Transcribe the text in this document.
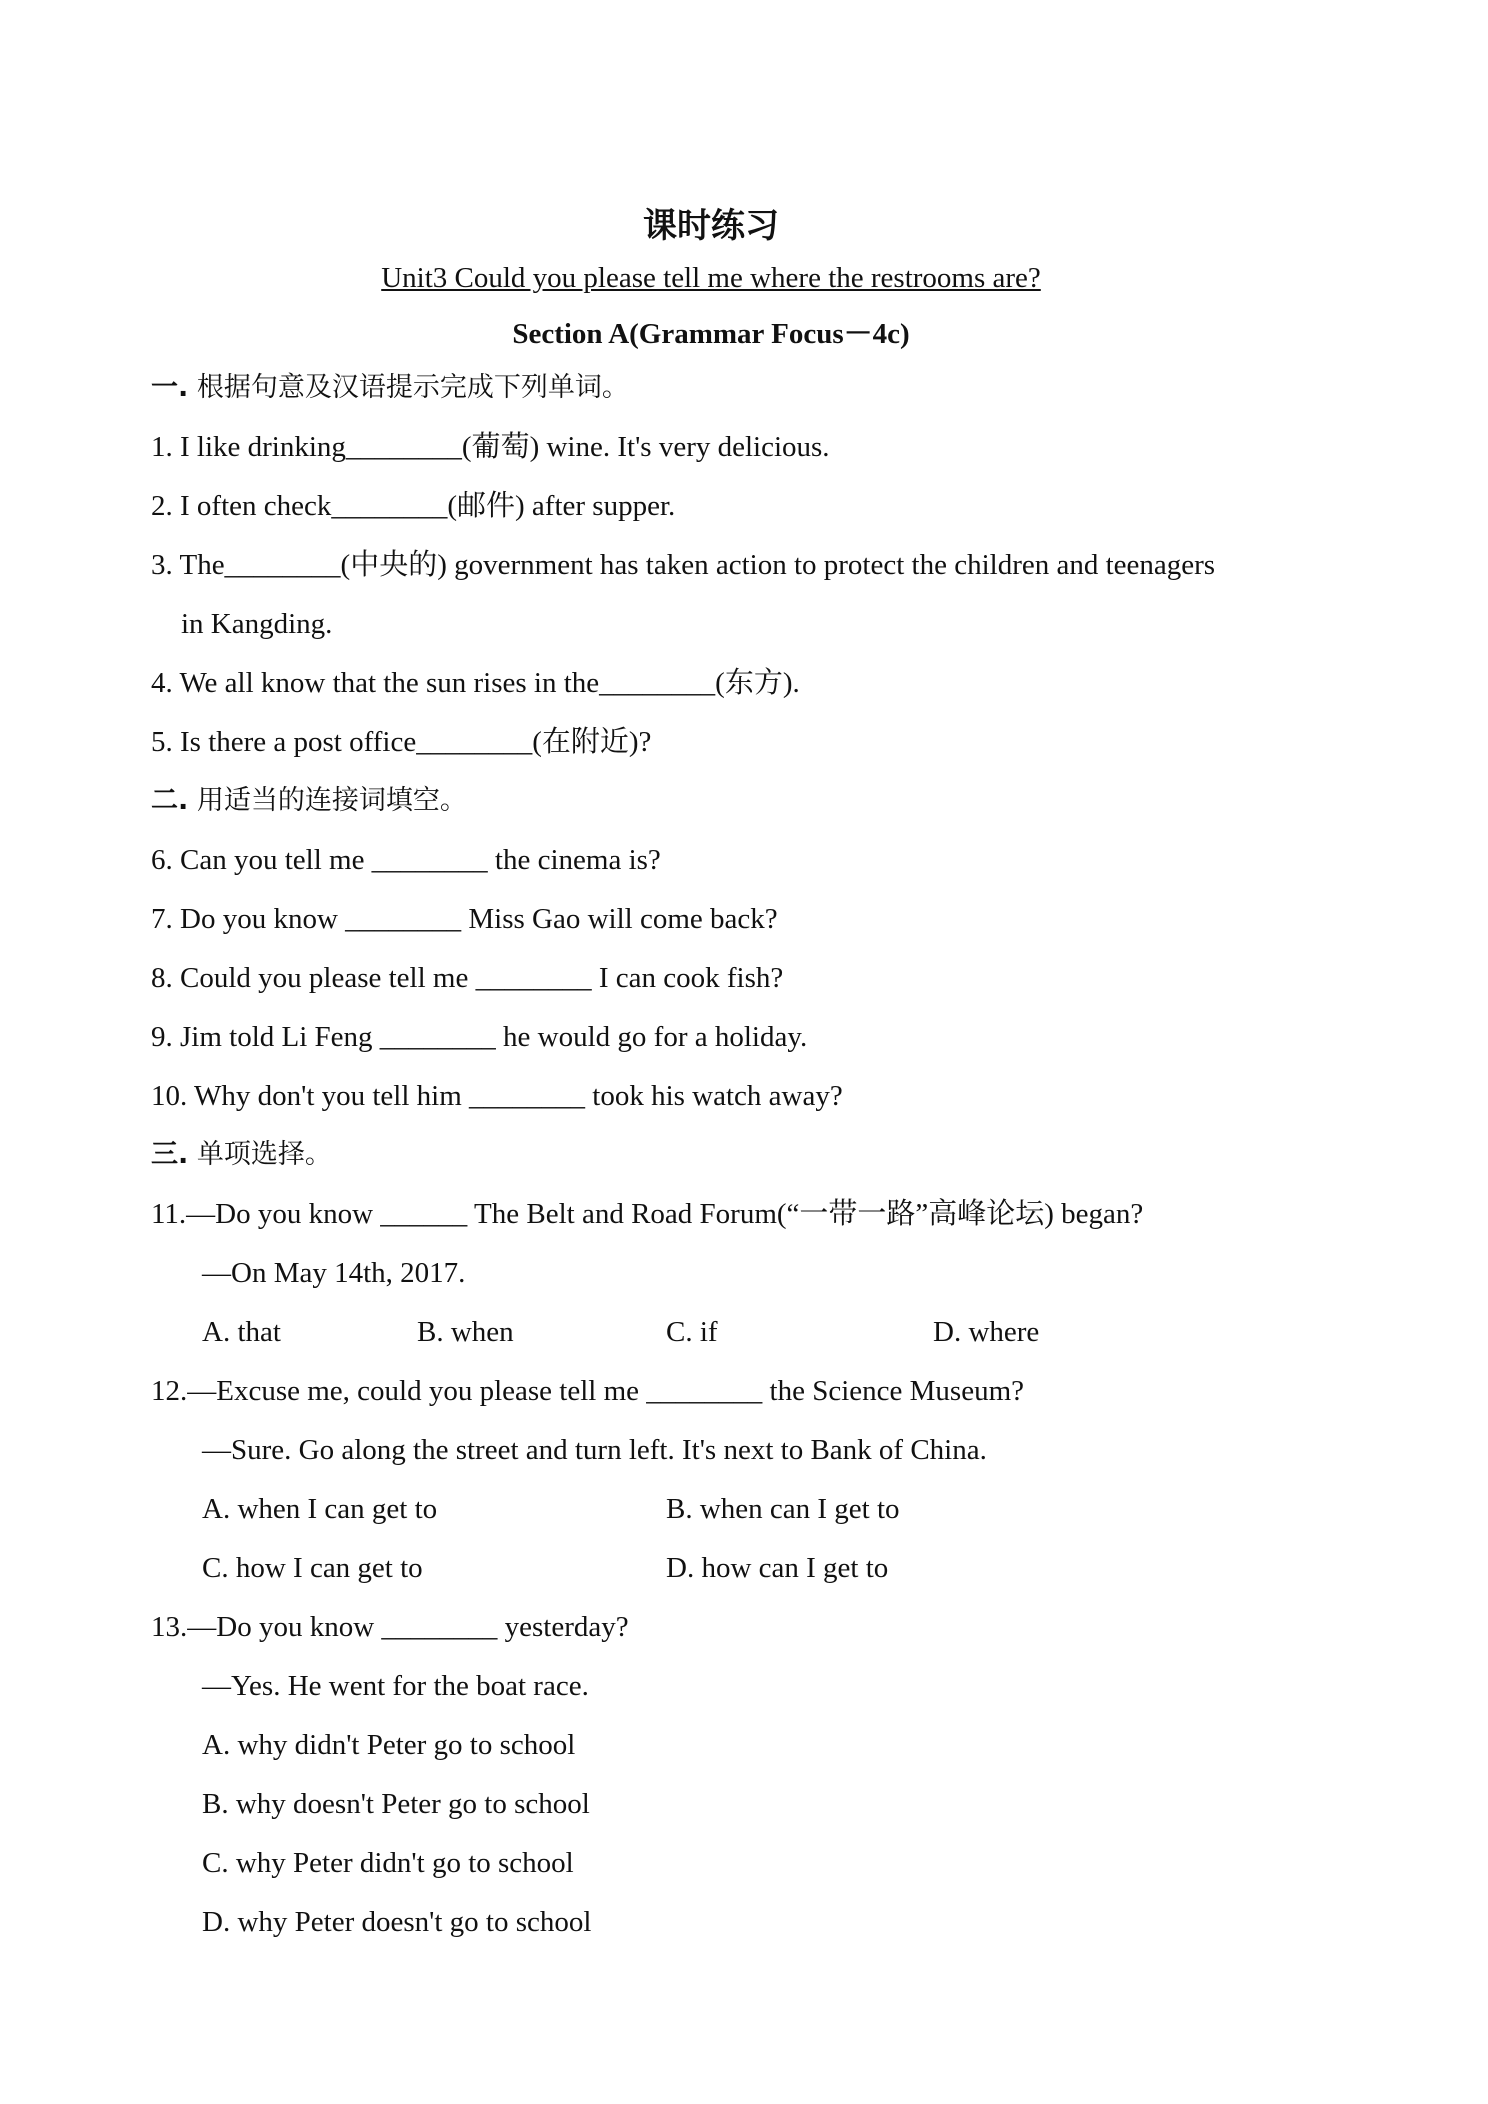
课时练习
Unit3 Could you please tell me where the restrooms are?
Section A(Grammar Focus－4c)
一. 根据句意及汉语提示完成下列单词。
1. I like drinking________(葡萄) wine. It's very delicious.
2. I often check________(邮件) after supper.
3. The________(中央的) government has taken action to protect the children and teenagers
in Kangding.
4. We all know that the sun rises in the________(东方).
5. Is there a post office________(在附近)?
二. 用适当的连接词填空。
6. Can you tell me ________ the cinema is?
7. Do you know ________ Miss Gao will come back?
8. Could you please tell me ________ I can cook fish?
9. Jim told Li Feng ________ he would go for a holiday.
10. Why don't you tell him ________ took his watch away?
三. 单项选择。
11.—Do you know ______ The Belt and Road Forum(“一带一路”高峰论坛) began?
—On May 14th, 2017.
A. that	B. when	C. if	D. where
12.—Excuse me, could you please tell me ________ the Science Museum?
—Sure. Go along the street and turn left. It's next to Bank of China.
A. when I can get to	B. when can I get to
C. how I can get to	D. how can I get to
13.—Do you know ________ yesterday?
—Yes. He went for the boat race.
A. why didn't Peter go to school
B. why doesn't Peter go to school
C. why Peter didn't go to school
D. why Peter doesn't go to school
